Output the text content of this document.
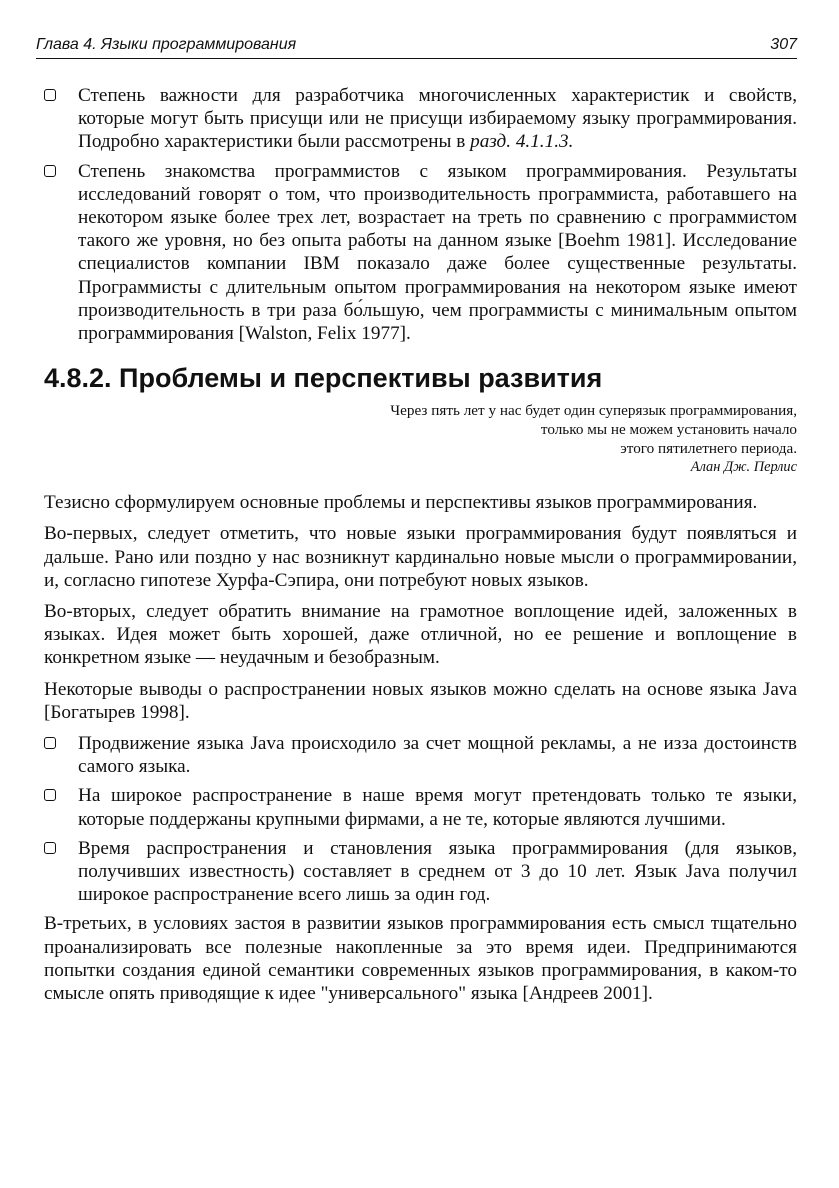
Глава 4. Языки программирования	307
Степень важности для разработчика многочисленных характеристик и свойств, которые могут быть присущи или не присущи избираемому языку программирования. Подробно характеристики были рассмотрены в разд. 4.1.1.3.
Степень знакомства программистов с языком программирования. Результаты исследований говорят о том, что производительность программиста, работавшего на некотором языке более трех лет, возрастает на треть по сравнению с программистом такого же уровня, но без опыта работы на данном языке [Boehm 1981]. Исследование специалистов компании IBM показало даже более существенные результаты. Программисты с длительным опытом программирования на некотором языке имеют производительность в три раза бо́льшую, чем программисты с минимальным опытом программирования [Walston, Felix 1977].
4.8.2. Проблемы и перспективы развития
Через пять лет у нас будет один суперязык программирования,
только мы не можем установить начало
этого пятилетнего периода.
Алан Дж. Перлис

Тезисно сформулируем основные проблемы и перспективы языков программирования.

Во-первых, следует отметить, что новые языки программирования будут появляться и дальше. Рано или поздно у нас возникнут кардинально новые мысли о программировании, и, согласно гипотезе Хурфа-Сэпира, они потребуют новых языков.

Во-вторых, следует обратить внимание на грамотное воплощение идей, заложенных в языках. Идея может быть хорошей, даже отличной, но ее решение и воплощение в конкретном языке — неудачным и безобразным.

Некоторые выводы о распространении новых языков можно сделать на основе языка Java [Богатырев 1998].

Продвижение языка Java происходило за счет мощной рекламы, а не изза достоинств самого языка.
На широкое распространение в наше время могут претендовать только те языки, которые поддержаны крупными фирмами, а не те, которые являются лучшими.
Время распространения и становления языка программирования (для языков, получивших известность) составляет в среднем от 3 до 10 лет. Язык Java получил широкое распространение всего лишь за один год.

В-третьих, в условиях застоя в развитии языков программирования есть смысл тщательно проанализировать все полезные накопленные за это время идеи. Предпринимаются попытки создания единой семантики современных языков программирования, в каком-то смысле опять приводящие к идее "универсального" языка [Андреев 2001].
